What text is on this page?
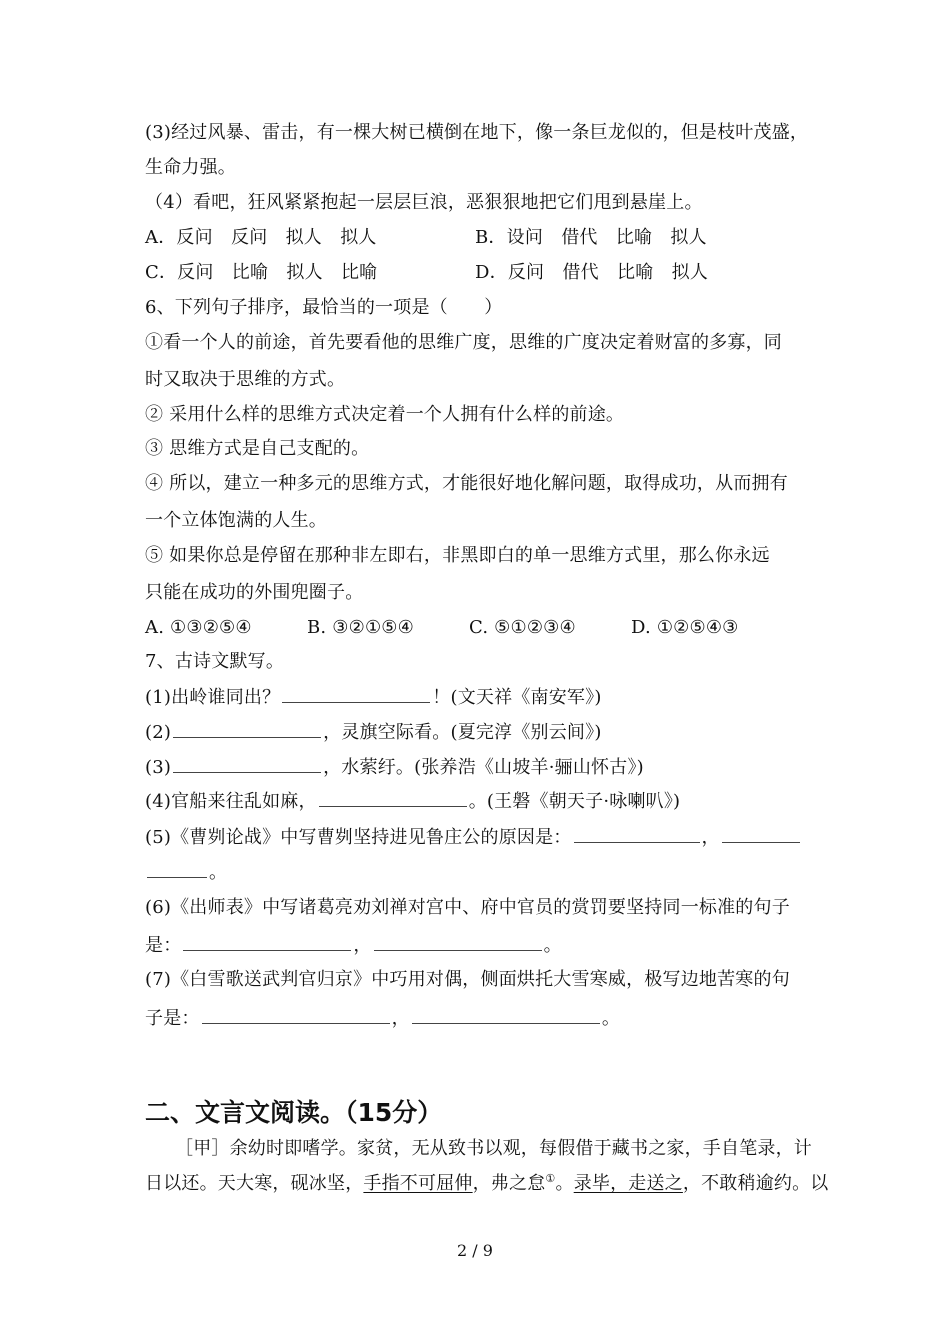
(3)经过风暴、雷击，有一棵大树已横倒在地下，像一条巨龙似的，但是枝叶茂盛，
生命力强。
（4）看吧，狂风紧紧抱起一层层巨浪，恶狠狠地把它们甩到悬崖上。
A．反问　反问　拟人　拟人	B．设问　借代　比喻　拟人
C．反问　比喻　拟人　比喻	D．反问　借代　比喻　拟人
6、下列句子排序，最恰当的一项是（　　）
①看一个人的前途，首先要看他的思维广度，思维的广度决定着财富的多寡，同
时又取决于思维的方式。
② 采用什么样的思维方式决定着一个人拥有什么样的前途。
③ 思维方式是自己支配的。
④ 所以，建立一种多元的思维方式，才能很好地化解问题，取得成功，从而拥有
一个立体饱满的人生。
⑤ 如果你总是停留在那种非左即右，非黑即白的单一思维方式里，那么你永远
只能在成功的外围兜圈子。
A. ①③②⑤④	B. ③②①⑤④	C. ⑤①②③④	D. ①②⑤④③
7、古诗文默写。
(1)出岭谁同出？	！(文天祥《南安军》)
(2)	，灵旗空际看。(夏完淳《别云间》)
(3)	，水萦纡。(张养浩《山坡羊·骊山怀古》)
(4)官船来往乱如麻，	。(王磐《朝天子·咏喇叭》)
(5)《曹刿论战》中写曹刿坚持进见鲁庄公的原因是：	，
。
(6)《出师表》中写诸葛亮劝刘禅对宫中、府中官员的赏罚要坚持同一标准的句子
是：	，	。
(7)《白雪歌送武判官归京》中巧用对偶，侧面烘托大雪寒威，极写边地苦寒的句
子是：	，	。
二、文言文阅读。（15分）
［甲］余幼时即嗜学。家贫，无从致书以观，每假借于藏书之家，手自笔录，计
日以还。天大寒，砚冰坚，手指不可屈伸，弗之怠①。录毕，走送之，不敢稍逾约。以
2 / 9
